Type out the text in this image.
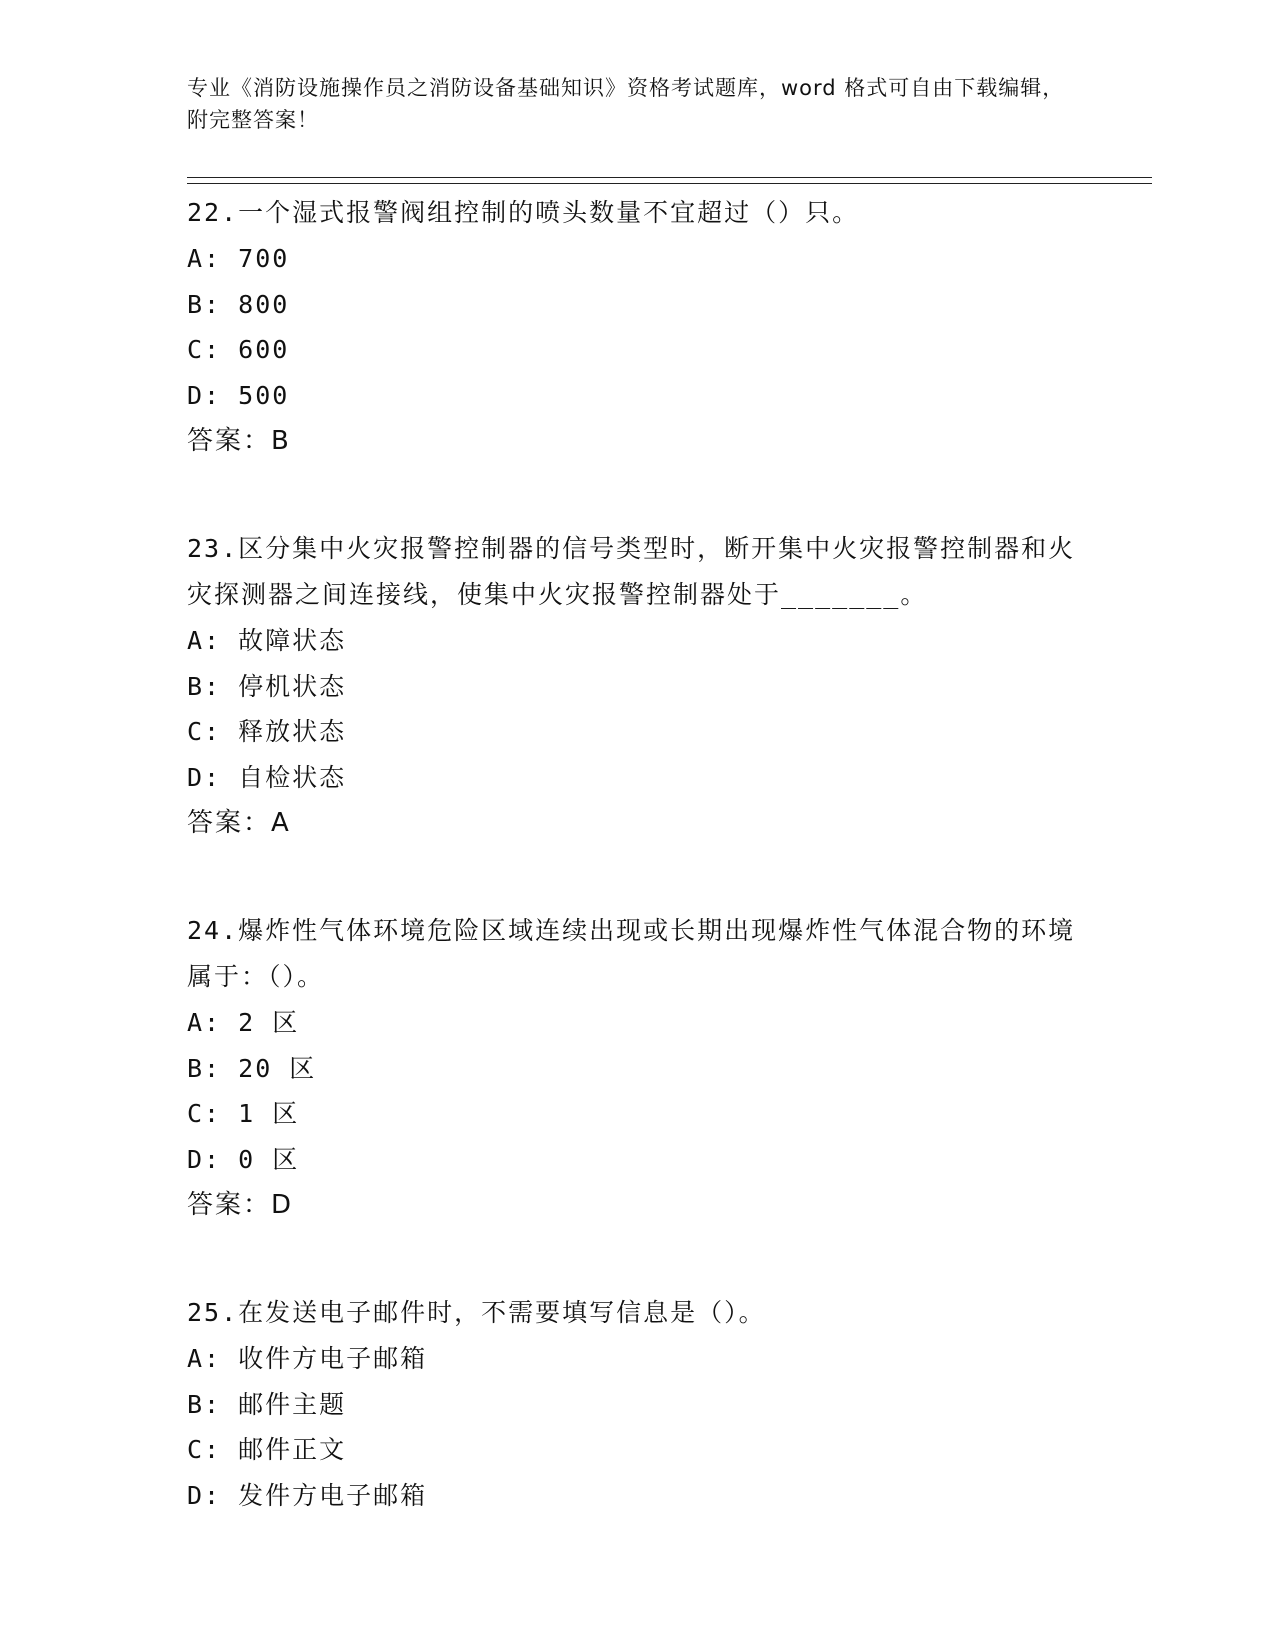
专业《消防设施操作员之消防设备基础知识》资格考试题库，word 格式可自由下载编辑，附完整答案！
22.一个湿式报警阀组控制的喷头数量不宜超过（）只。
A: 700
B: 800
C: 600
D: 500
答案：B
23.区分集中火灾报警控制器的信号类型时，断开集中火灾报警控制器和火灾探测器之间连接线，使集中火灾报警控制器处于_______。
A: 故障状态
B: 停机状态
C: 释放状态
D: 自检状态
答案：A
24.爆炸性气体环境危险区域连续出现或长期出现爆炸性气体混合物的环境属于：（）。
A: 2 区
B: 20 区
C: 1 区
D: 0 区
答案：D
25.在发送电子邮件时，不需要填写信息是（）。
A: 收件方电子邮箱
B: 邮件主题
C: 邮件正文
D: 发件方电子邮箱
